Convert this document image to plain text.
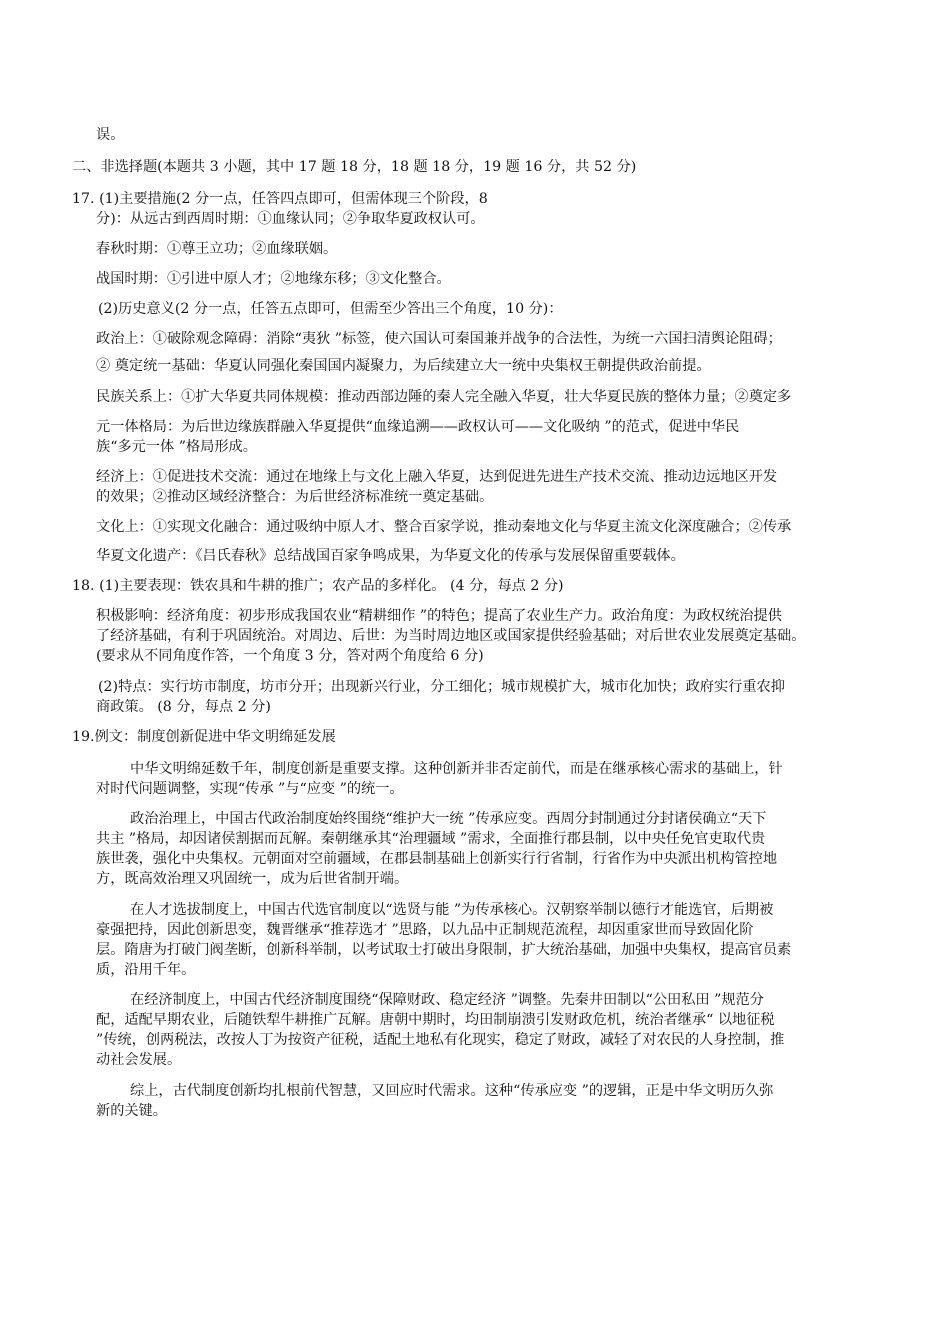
误。
二、非选择题(本题共 3 小题，其中 17 题 18 分，18 题 18 分，19 题 16 分，共 52 分)
17. (1)主要措施(2 分一点，任答四点即可，但需体现三个阶段，8
分)：从远古到西周时期：①血缘认同；②争取华夏政权认可。
春秋时期：①尊王立功；②血缘联姻。
战国时期：①引进中原人才；②地缘东移；③文化整合。
(2)历史意义(2 分一点，任答五点即可，但需至少答出三个角度，10 分)：
政治上：①破除观念障碍：消除“夷狄 ”标签，使六国认可秦国兼并战争的合法性，为统一六国扫清舆论阻碍；
② 奠定统一基础：华夏认同强化秦国国内凝聚力，为后续建立大一统中央集权王朝提供政治前提。
民族关系上：①扩大华夏共同体规模：推动西部边陲的秦人完全融入华夏，壮大华夏民族的整体力量；②奠定多
元一体格局：为后世边缘族群融入华夏提供“血缘追溯——政权认可——文化吸纳 ”的范式，促进中华民
族“多元一体 ”格局形成。
经济上：①促进技术交流：通过在地缘上与文化上融入华夏，达到促进先进生产技术交流、推动边远地区开发
的效果；②推动区域经济整合：为后世经济标准统一奠定基础。
文化上：①实现文化融合：通过吸纳中原人才、整合百家学说，推动秦地文化与华夏主流文化深度融合；②传承
华夏文化遗产：《吕氏春秋》总结战国百家争鸣成果，为华夏文化的传承与发展保留重要载体。
18. (1)主要表现：铁农具和牛耕的推广；农产品的多样化。 (4 分，每点 2 分)
积极影响：经济角度：初步形成我国农业“精耕细作 ”的特色；提高了农业生产力。政治角度：为政权统治提供
了经济基础，有利于巩固统治。对周边、后世：为当时周边地区或国家提供经验基础；对后世农业发展奠定基础。
(要求从不同角度作答，一个角度 3 分，答对两个角度给 6 分)
(2)特点：实行坊市制度，坊市分开；出现新兴行业，分工细化；城市规模扩大，城市化加快；政府实行重农抑
商政策。 (8 分，每点 2 分)
19.例文：制度创新促进中华文明绵延发展
中华文明绵延数千年，制度创新是重要支撑。这种创新并非否定前代，而是在继承核心需求的基础上，针
对时代问题调整，实现“传承 ”与“应变 ”的统一。
政治治理上，中国古代政治制度始终围绕“维护大一统 ”传承应变。西周分封制通过分封诸侯确立“天下
共主 ”格局，却因诸侯割据而瓦解。秦朝继承其“治理疆域 ”需求，全面推行郡县制，以中央任免官吏取代贵
族世袭，强化中央集权。元朝面对空前疆域，在郡县制基础上创新实行行省制，行省作为中央派出机构管控地
方，既高效治理又巩固统一，成为后世省制开端。
在人才选拔制度上，中国古代选官制度以“选贤与能 ”为传承核心。汉朝察举制以德行才能选官，后期被
豪强把持，因此创新思变，魏晋继承“推荐选才 ”思路，以九品中正制规范流程，却因重家世而导致固化阶
层。隋唐为打破门阀垄断，创新科举制，以考试取士打破出身限制，扩大统治基础，加强中央集权，提高官员素
质，沿用千年。
在经济制度上，中国古代经济制度围绕“保障财政、稳定经济 ”调整。先秦井田制以“公田私田 ”规范分
配，适配早期农业，后随铁犁牛耕推广瓦解。唐朝中期时，均田制崩溃引发财政危机，统治者继承“ 以地征税
”传统，创两税法，改按人丁为按资产征税，适配土地私有化现实，稳定了财政，减轻了对农民的人身控制，推
动社会发展。
综上，古代制度创新均扎根前代智慧，又回应时代需求。这种“传承应变 ”的逻辑，正是中华文明历久弥
新的关键。
